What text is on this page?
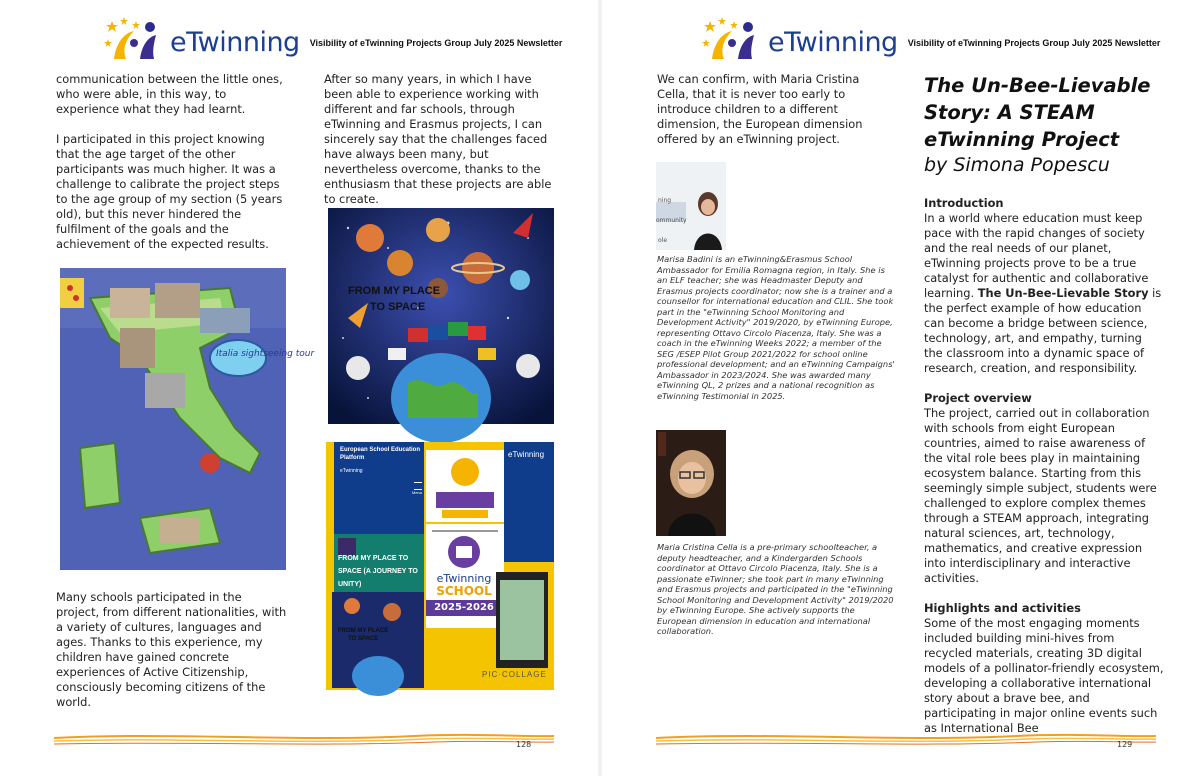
eTwinning Visibility of eTwinning Projects Group July 2025 Newsletter

communication between the little ones, who were able, in this way, to experience what they had learnt.

I participated in this project knowing that the age target of the other participants was much higher. It was a challenge to calibrate the project steps to the age group of my section (5 years old), but this never hindered the fulfilment of the goals and the achievement of the expected results.

Italia sightseeing tour

Many schools participated in the project, from different nationalities, with a variety of cultures, languages and ages. Thanks to this experience, my children have gained concrete experiences of Active Citizenship, consciously becoming citizens of the world.

After so many years, in which I have been able to experience working with different and far schools, through eTwinning and Erasmus projects, I can sincerely say that the challenges faced have always been many, but nevertheless overcome, thanks to the enthusiasm that these projects are able to create.

FROM MY PLACE TO SPACE
European School Education Platform
eTwinning
Menu
FROM MY PLACE TO SPACE (A JOURNEY TO UNITY)
eTwinning
eTwinning
SCHOOL
2025-2026
FROM MY PLACE
TO SPACE
PIC·COLLAGE
128
eTwinning Visibility of eTwinning Projects Group July 2025 Newsletter

We can confirm, with Maria Cristina Cella, that it is never too early to introduce children to a different dimension, the European dimension offered by an eTwinning project.

ning
ommunity
ole
Marisa Badini is an eTwinning&Erasmus School Ambassador for Emilia Romagna region, in Italy. She is an ELF teacher; she was Headmaster Deputy and Erasmus projects coordinator; now she is a trainer and a counsellor for international education and CLIL. She took part in the "eTwinning School Monitoring and Development Activity" 2019/2020, by eTwinning Europe, representing Ottavo Circolo Piacenza, Italy. She was a coach in the eTwinning Weeks 2022; a member of the SEG /ESEP Pilot Group 2021/2022 for school online professional development; and an eTwinning Campaigns' Ambassador in 2023/2024. She was awarded many eTwinning QL, 2 prizes and a national recognition as eTwinning Testimonial in 2025.
Maria Cristina Cella is a pre-primary schoolteacher, a deputy headteacher, and a Kindergarden Schools coordinator at Ottavo Circolo Piacenza, Italy. She is a passionate eTwinner; she took part in many eTwinning and Erasmus projects and participated in the "eTwinning School Monitoring and Development Activity" 2019/2020 by eTwinning Europe. She actively supports the European dimension in education and international collaboration.
The Un-Bee-Lievable Story: A STEAM eTwinning Project
by Simona Popescu

Introduction

In a world where education must keep pace with the rapid changes of society and the real needs of our planet, eTwinning projects prove to be a true catalyst for authentic and collaborative learning. The Un-Bee-Lievable Story is the perfect example of how education can become a bridge between science, technology, art, and empathy, turning the classroom into a dynamic space of research, creation, and responsibility.

Project overview

The project, carried out in collaboration with schools from eight European countries, aimed to raise awareness of the vital role bees play in maintaining ecosystem balance. Starting from this seemingly simple subject, students were challenged to explore complex themes through a STEAM approach, integrating natural sciences, art, technology, mathematics, and creative expression into interdisciplinary and interactive activities.

Highlights and activities

Some of the most engaging moments included building mini-hives from recycled materials, creating 3D digital models of a pollinator-friendly ecosystem, developing a collaborative international story about a brave bee, and participating in major online events such as International Bee

129
